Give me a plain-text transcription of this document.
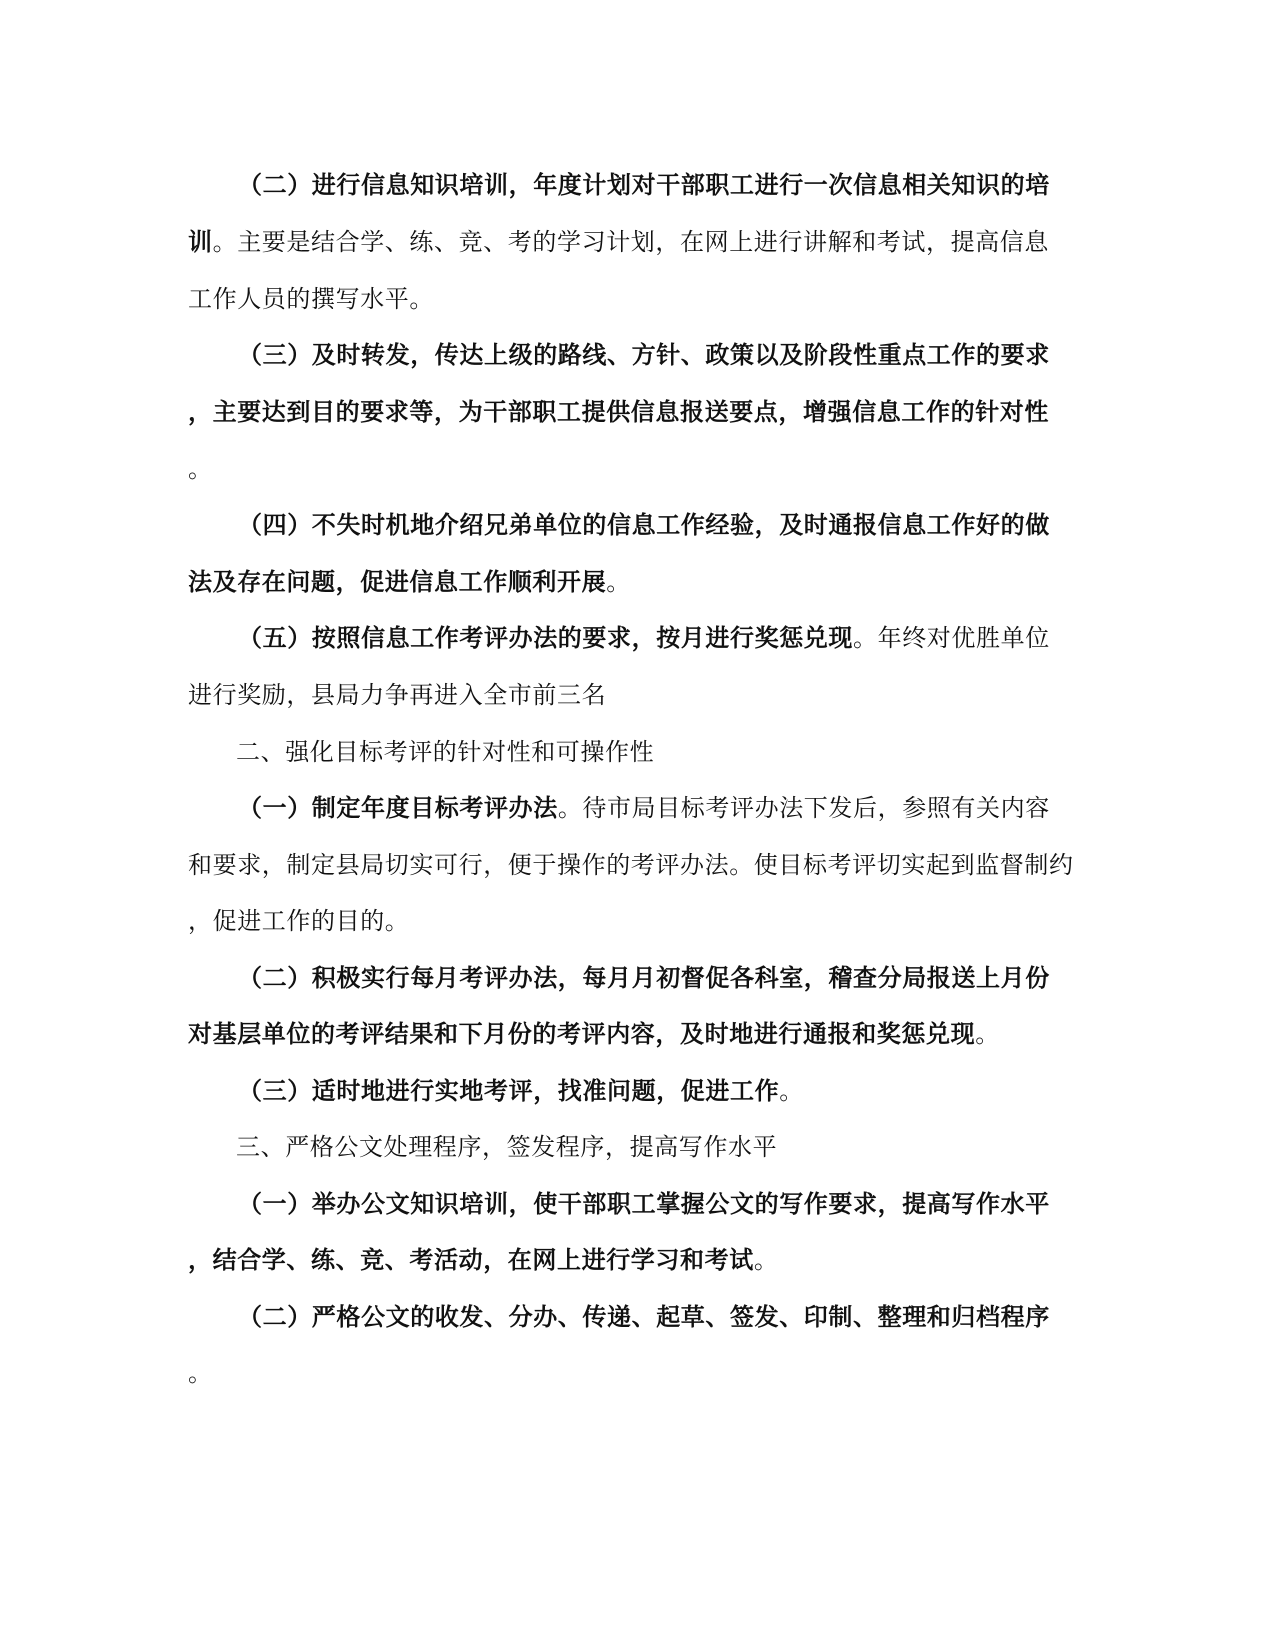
（二）进行信息知识培训，年度计划对干部职工进行一次信息相关知识的培
训。主要是结合学、练、竞、考的学习计划，在网上进行讲解和考试，提高信息
工作人员的撰写水平。
（三）及时转发，传达上级的路线、方针、政策以及阶段性重点工作的要求
，主要达到目的要求等，为干部职工提供信息报送要点，增强信息工作的针对性
。
（四）不失时机地介绍兄弟单位的信息工作经验，及时通报信息工作好的做
法及存在问题，促进信息工作顺利开展。
（五）按照信息工作考评办法的要求，按月进行奖惩兑现。年终对优胜单位
进行奖励，县局力争再进入全市前三名
二、强化目标考评的针对性和可操作性
（一）制定年度目标考评办法。待市局目标考评办法下发后，参照有关内容
和要求，制定县局切实可行，便于操作的考评办法。使目标考评切实起到监督制约
，促进工作的目的。
（二）积极实行每月考评办法，每月月初督促各科室，稽查分局报送上月份
对基层单位的考评结果和下月份的考评内容，及时地进行通报和奖惩兑现。
（三）适时地进行实地考评，找准问题，促进工作。
三、严格公文处理程序，签发程序，提高写作水平
（一）举办公文知识培训，使干部职工掌握公文的写作要求，提高写作水平
，结合学、练、竞、考活动，在网上进行学习和考试。
（二）严格公文的收发、分办、传递、起草、签发、印制、整理和归档程序
。
